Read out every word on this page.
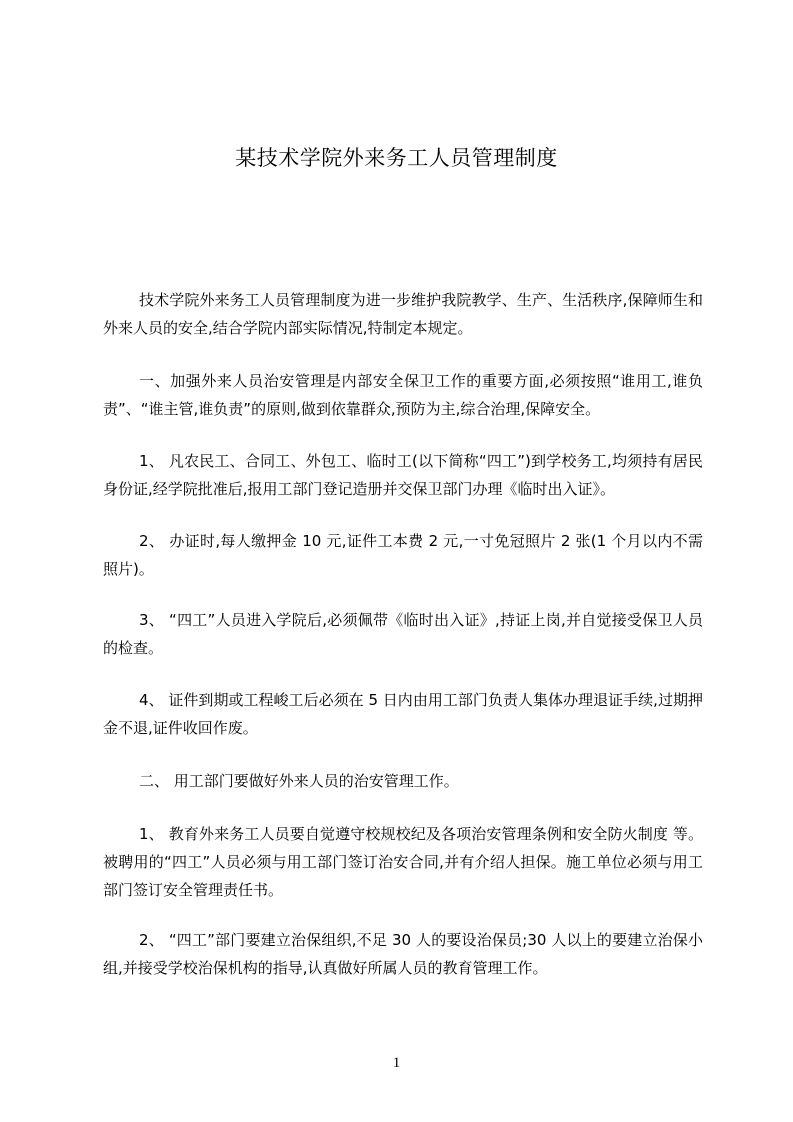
某技术学院外来务工人员管理制度

技术学院外来务工人员管理制度为进一步维护我院教学、生产、生活秩序,保障师生和外来人员的安全,结合学院内部实际情况,特制定本规定。

一、加强外来人员治安管理是内部安全保卫工作的重要方面,必须按照“谁用工,谁负责”、“谁主管,谁负责”的原则,做到依靠群众,预防为主,综合治理,保障安全。

1、 凡农民工、合同工、外包工、临时工(以下简称“四工”)到学校务工,均须持有居民身份证,经学院批准后,报用工部门登记造册并交保卫部门办理《临时出入证》。

2、 办证时,每人缴押金 10 元,证件工本费 2 元,一寸免冠照片 2 张(1 个月以内不需照片)。

3、 “四工”人员进入学院后,必须佩带《临时出入证》,持证上岗,并自觉接受保卫人员的检查。

4、 证件到期或工程峻工后必须在 5 日内由用工部门负责人集体办理退证手续,过期押金不退,证件收回作废。

二、 用工部门要做好外来人员的治安管理工作。

1、 教育外来务工人员要自觉遵守校规校纪及各项治安管理条例和安全防火制度 等。被聘用的“四工”人员必须与用工部门签订治安合同,并有介绍人担保。施工单位必须与用工部门签订安全管理责任书。

2、 “四工”部门要建立治保组织,不足 30 人的要设治保员;30 人以上的要建立治保小组,并接受学校治保机构的指导,认真做好所属人员的教育管理工作。

1
